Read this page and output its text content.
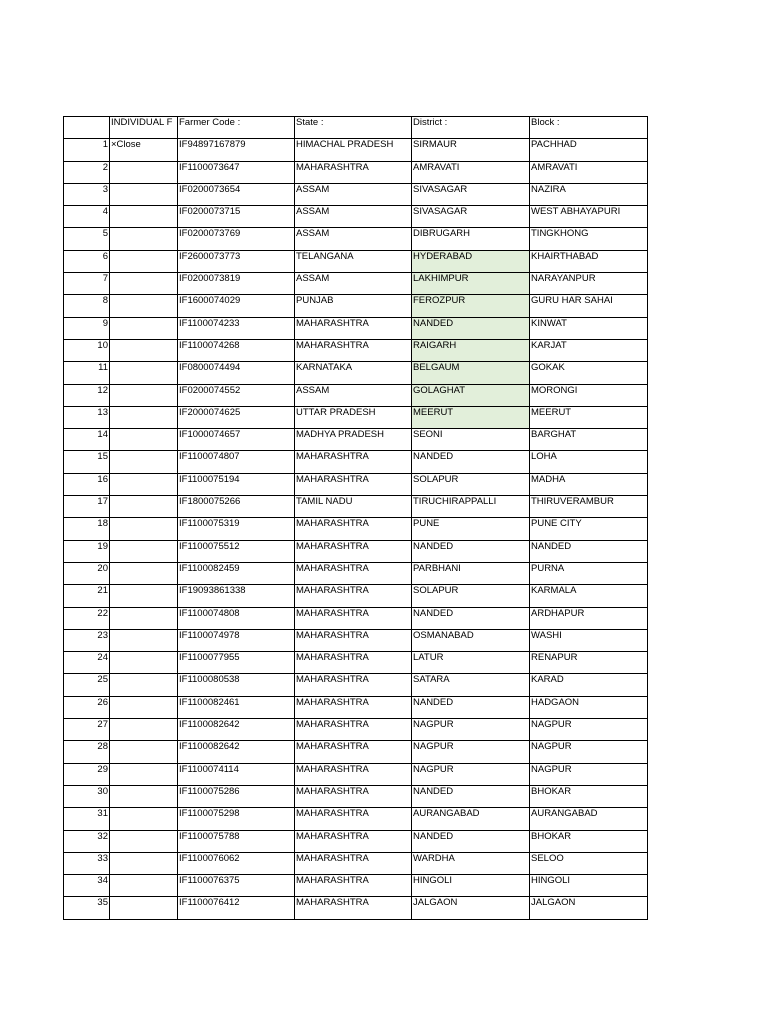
	INDIVIDUAL F	Farmer Code :	State :	District :	Block :
1	×Close	IF94897167879	HIMACHAL PRADESH	SIRMAUR	PACHHAD
2		IF1100073647	MAHARASHTRA	AMRAVATI	AMRAVATI
3		IF0200073654	ASSAM	SIVASAGAR	NAZIRA
4		IF0200073715	ASSAM	SIVASAGAR	WEST ABHAYAPURI
5		IF0200073769	ASSAM	DIBRUGARH	TINGKHONG
6		IF2600073773	TELANGANA	HYDERABAD	KHAIRTHABAD
7		IF0200073819	ASSAM	LAKHIMPUR	NARAYANPUR
8		IF1600074029	PUNJAB	FEROZPUR	GURU HAR SAHAI
9		IF1100074233	MAHARASHTRA	NANDED	KINWAT
10		IF1100074268	MAHARASHTRA	RAIGARH	KARJAT
11		IF0800074494	KARNATAKA	BELGAUM	GOKAK
12		IF0200074552	ASSAM	GOLAGHAT	MORONGI
13		IF2000074625	UTTAR PRADESH	MEERUT	MEERUT
14		IF1000074657	MADHYA PRADESH	SEONI	BARGHAT
15		IF1100074807	MAHARASHTRA	NANDED	LOHA
16		IF1100075194	MAHARASHTRA	SOLAPUR	MADHA
17		IF1800075266	TAMIL NADU	TIRUCHIRAPPALLI	THIRUVERAMBUR
18		IF1100075319	MAHARASHTRA	PUNE	PUNE CITY
19		IF1100075512	MAHARASHTRA	NANDED	NANDED
20		IF1100082459	MAHARASHTRA	PARBHANI	PURNA
21		IF19093861338	MAHARASHTRA	SOLAPUR	KARMALA
22		IF1100074808	MAHARASHTRA	NANDED	ARDHAPUR
23		IF1100074978	MAHARASHTRA	OSMANABAD	WASHI
24		IF1100077955	MAHARASHTRA	LATUR	RENAPUR
25		IF1100080538	MAHARASHTRA	SATARA	KARAD
26		IF1100082461	MAHARASHTRA	NANDED	HADGAON
27		IF1100082642	MAHARASHTRA	NAGPUR	NAGPUR
28		IF1100082642	MAHARASHTRA	NAGPUR	NAGPUR
29		IF1100074114	MAHARASHTRA	NAGPUR	NAGPUR
30		IF1100075286	MAHARASHTRA	NANDED	BHOKAR
31		IF1100075298	MAHARASHTRA	AURANGABAD	AURANGABAD
32		IF1100075788	MAHARASHTRA	NANDED	BHOKAR
33		IF1100076062	MAHARASHTRA	WARDHA	SELOO
34		IF1100076375	MAHARASHTRA	HINGOLI	HINGOLI
35		IF1100076412	MAHARASHTRA	JALGAON	JALGAON
